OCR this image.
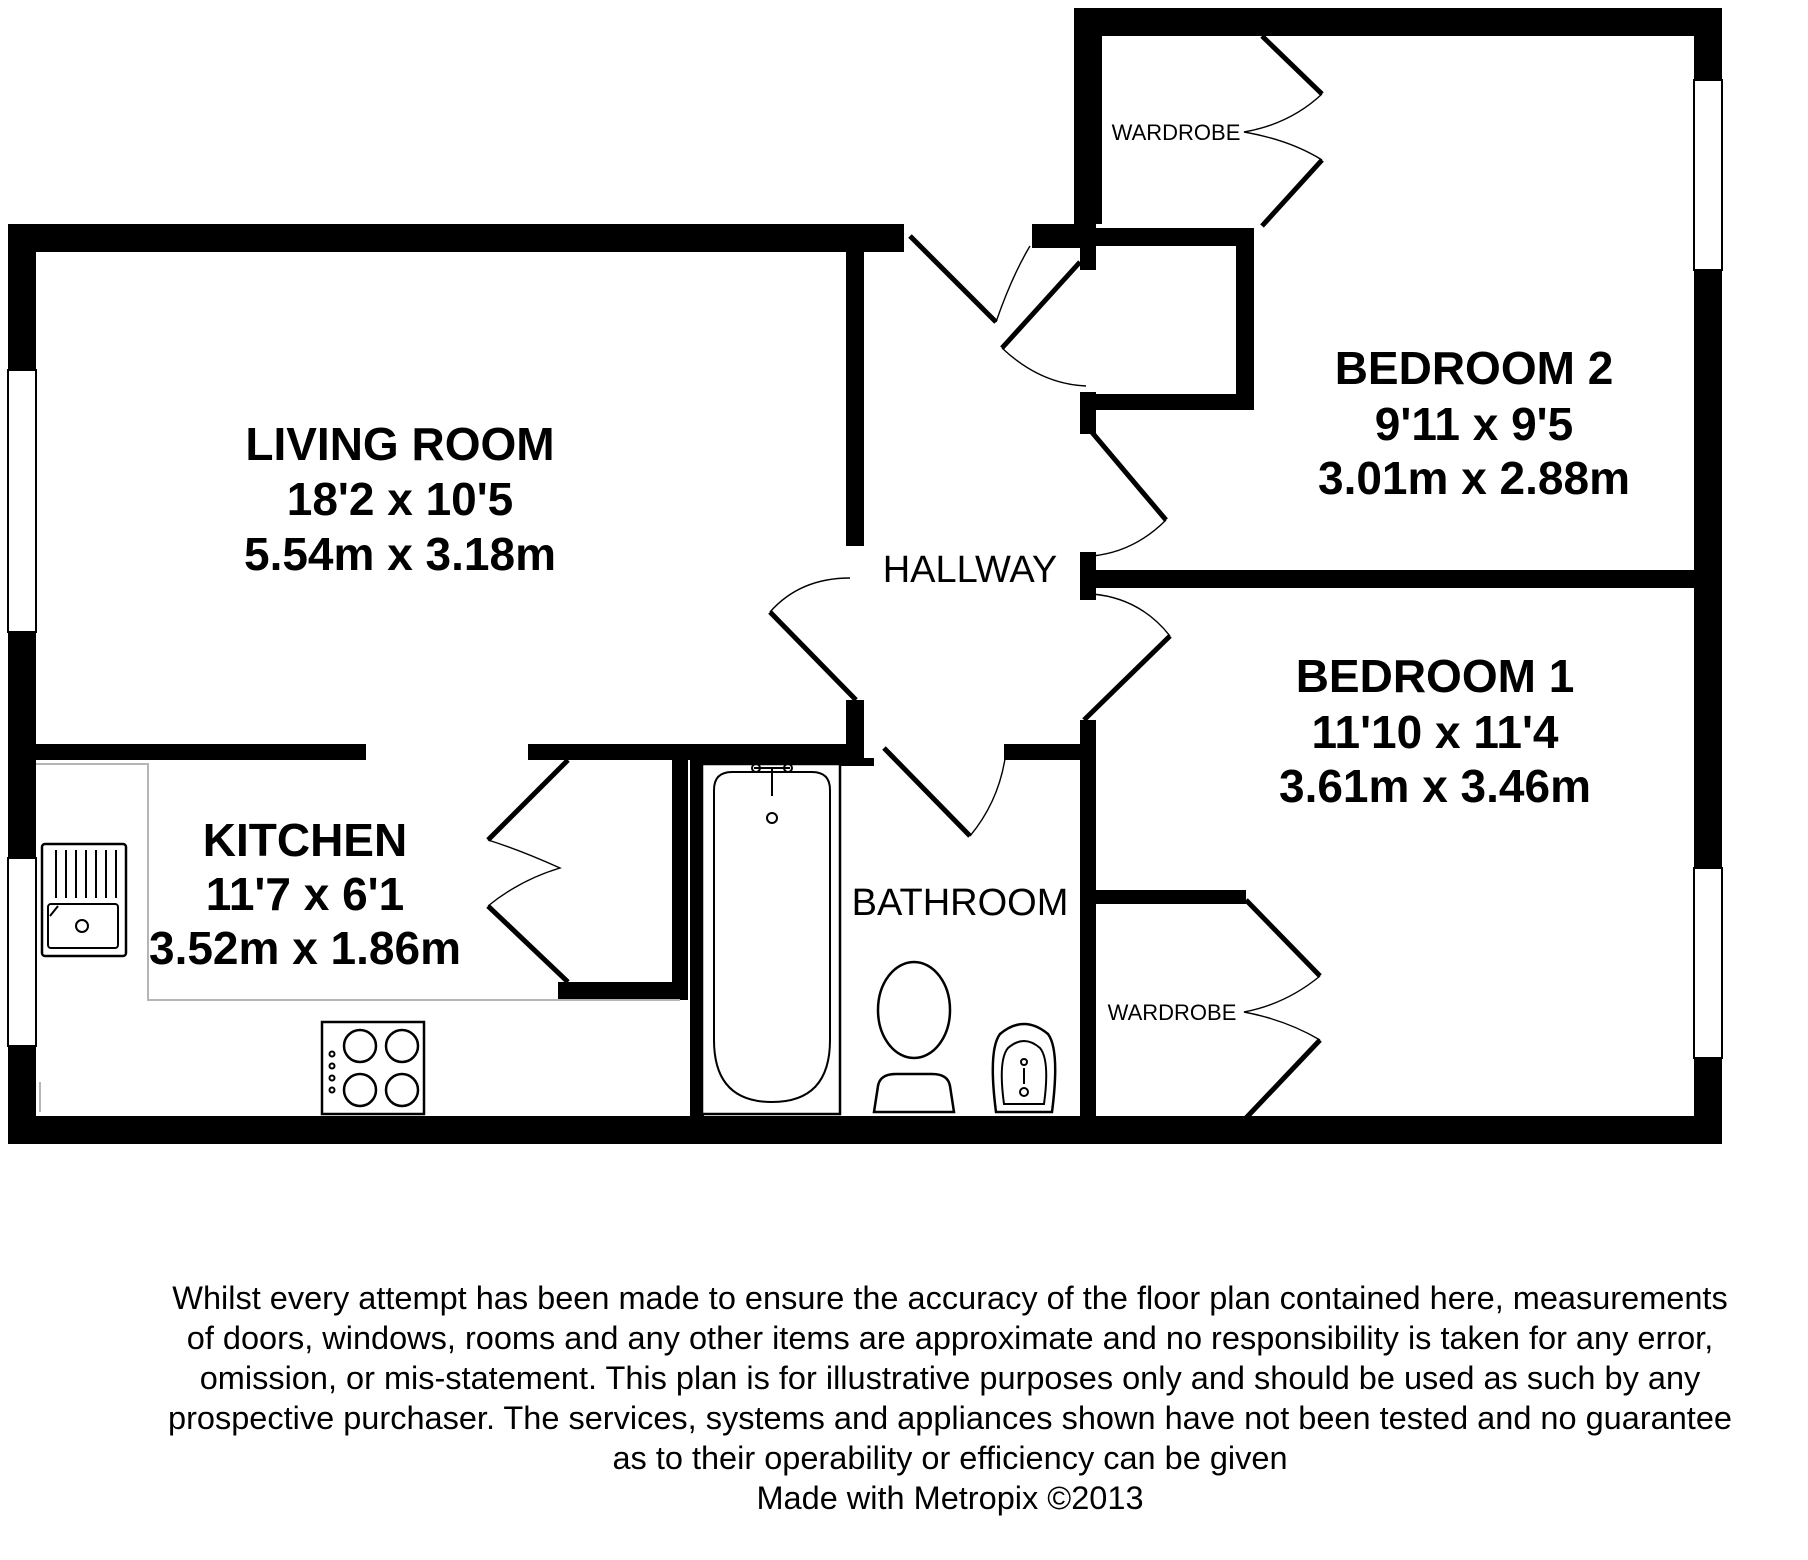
LIVING ROOM
18'2 x 10'5
5.54m x 3.18m
KITCHEN
11'7 x 6'1
3.52m x 1.86m
BEDROOM 2
9'11 x 9'5
3.01m x 2.88m
BEDROOM 1
11'10 x 11'4
3.61m x 3.46m
HALLWAY
BATHROOM
WARDROBE
WARDROBE
Whilst every attempt has been made to ensure the accuracy of the floor plan contained here, measurements
of doors, windows, rooms and any other items are approximate and no responsibility is taken for any error,
omission, or mis-statement. This plan is for illustrative purposes only and should be used as such by any
prospective purchaser. The services, systems and appliances shown have not been tested and no guarantee
as to their operability or efficiency can be given
Made with Metropix ©2013
